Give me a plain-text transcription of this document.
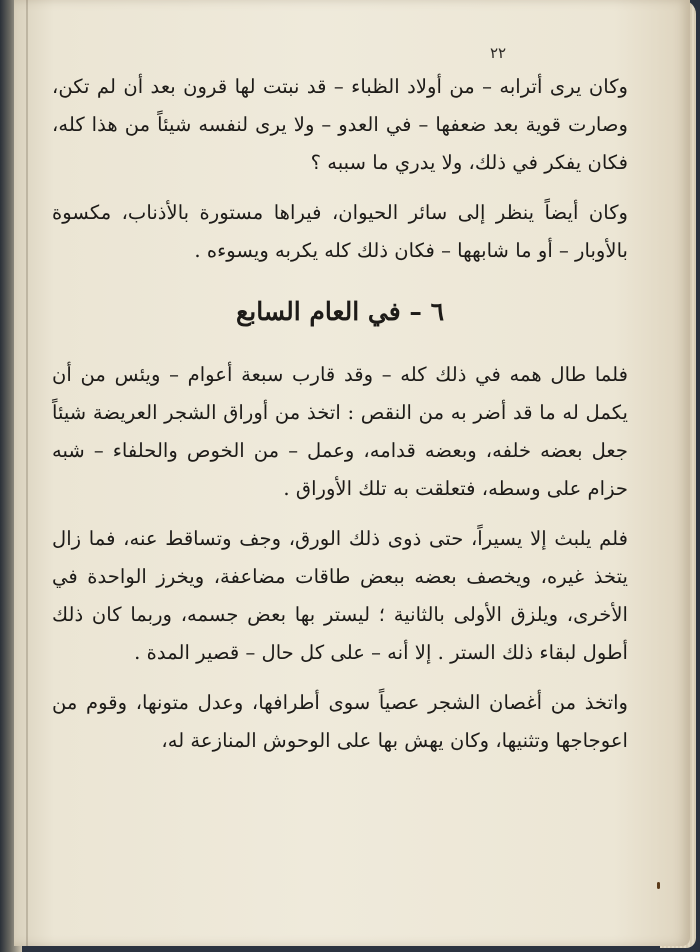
٢٢

وكان يرى أترابه – من أولاد الظباء – قد نبتت لها قرون بعد أن لم تكن، وصارت قوية بعد ضعفها – في العدو – ولا يرى لنفسه شيئاً من هذا كله، فكان يفكر في ذلك، ولا يدري ما سببه ؟

وكان أيضاً ينظر إلى سائر الحيوان، فيراها مستورة بالأذناب، مكسوة بالأوبار – أو ما شابهها – فكان ذلك كله يكربه ويسوءه .

٦ – في العام السابع

فلما طال همه في ذلك كله – وقد قارب سبعة أعوام – ويئس من أن يكمل له ما قد أضر به من النقص : اتخذ من أوراق الشجر العريضة شيئاً جعل بعضه خلفه، وبعضه قدامه، وعمل – من الخوص والحلفاء – شبه حزام على وسطه، فتعلقت به تلك الأوراق .

فلم يلبث إلا يسيراً، حتى ذوى ذلك الورق، وجف وتساقط عنه، فما زال يتخذ غيره، ويخصف بعضه ببعض طاقات مضاعفة، ويخرز الواحدة في الأخرى، ويلزق الأولى بالثانية ؛ ليستر بها بعض جسمه، وربما كان ذلك أطول لبقاء ذلك الستر . إلا أنه – على كل حال – قصير المدة .

واتخذ من أغصان الشجر عصياً سوى أطرافها، وعدل متونها، وقوم من اعوجاجها وتثنيها، وكان يهش بها على الوحوش المنازعة له،
